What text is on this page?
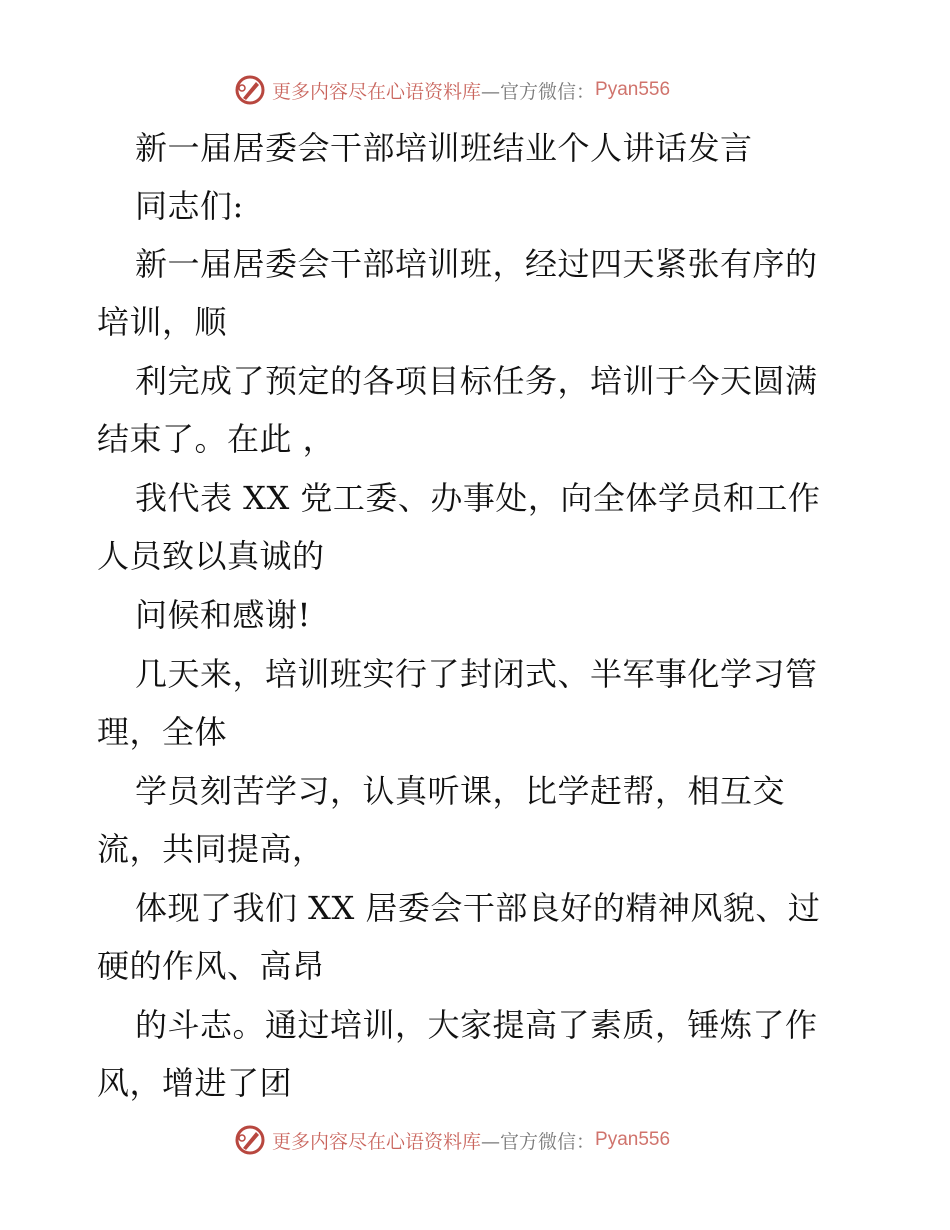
更多内容尽在心语资料库 —官方微信： Pyan556
新一届居委会干部培训班结业个人讲话发言
同志们:
新一届居委会干部培训班，经过四天紧张有序的
培训，顺
利完成了预定的各项目标任务，培训于今天圆满
结束了。在此 ，
我代表 XX 党工委、办事处，向全体学员和工作
人员致以真诚的
问候和感谢!
几天来，培训班实行了封闭式、半军事化学习管
理，全体
学员刻苦学习，认真听课，比学赶帮，相互交
流，共同提高，
体现了我们 XX 居委会干部良好的精神风貌、过
硬的作风、高昂
的斗志。通过培训，大家提高了素质，锤炼了作
风，增进了团
更多内容尽在心语资料库 —官方微信： Pyan556
